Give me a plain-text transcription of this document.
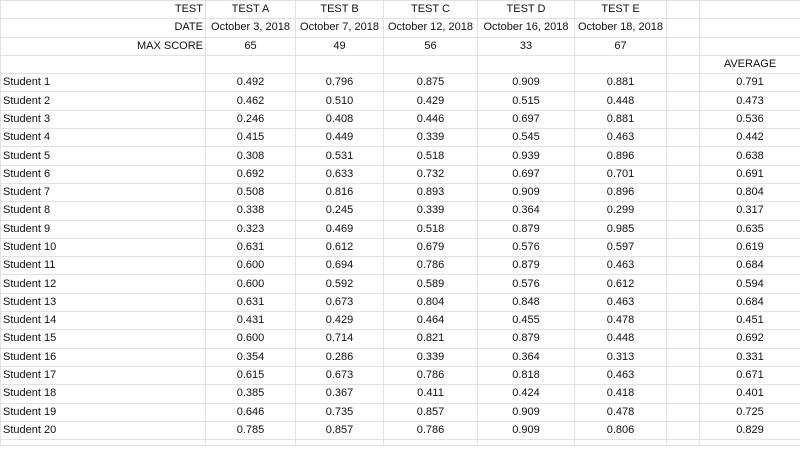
TEST	TEST A	TEST B	TEST C	TEST D	TEST E		
DATE	October 3, 2018	October 7, 2018	October 12, 2018	October 16, 2018	October 18, 2018		
MAX SCORE	65	49	56	33	67		
							AVERAGE
Student 1	0.492	0.796	0.875	0.909	0.881		0.791
Student 2	0.462	0.510	0.429	0.515	0.448		0.473
Student 3	0.246	0.408	0.446	0.697	0.881		0.536
Student 4	0.415	0.449	0.339	0.545	0.463		0.442
Student 5	0.308	0.531	0.518	0.939	0.896		0.638
Student 6	0.692	0.633	0.732	0.697	0.701		0.691
Student 7	0.508	0.816	0.893	0.909	0.896		0.804
Student 8	0.338	0.245	0.339	0.364	0.299		0.317
Student 9	0.323	0.469	0.518	0.879	0.985		0.635
Student 10	0.631	0.612	0.679	0.576	0.597		0.619
Student 11	0.600	0.694	0.786	0.879	0.463		0.684
Student 12	0.600	0.592	0.589	0.576	0.612		0.594
Student 13	0.631	0.673	0.804	0.848	0.463		0.684
Student 14	0.431	0.429	0.464	0.455	0.478		0.451
Student 15	0.600	0.714	0.821	0.879	0.448		0.692
Student 16	0.354	0.286	0.339	0.364	0.313		0.331
Student 17	0.615	0.673	0.786	0.818	0.463		0.671
Student 18	0.385	0.367	0.411	0.424	0.418		0.401
Student 19	0.646	0.735	0.857	0.909	0.478		0.725
Student 20	0.785	0.857	0.786	0.909	0.806		0.829
